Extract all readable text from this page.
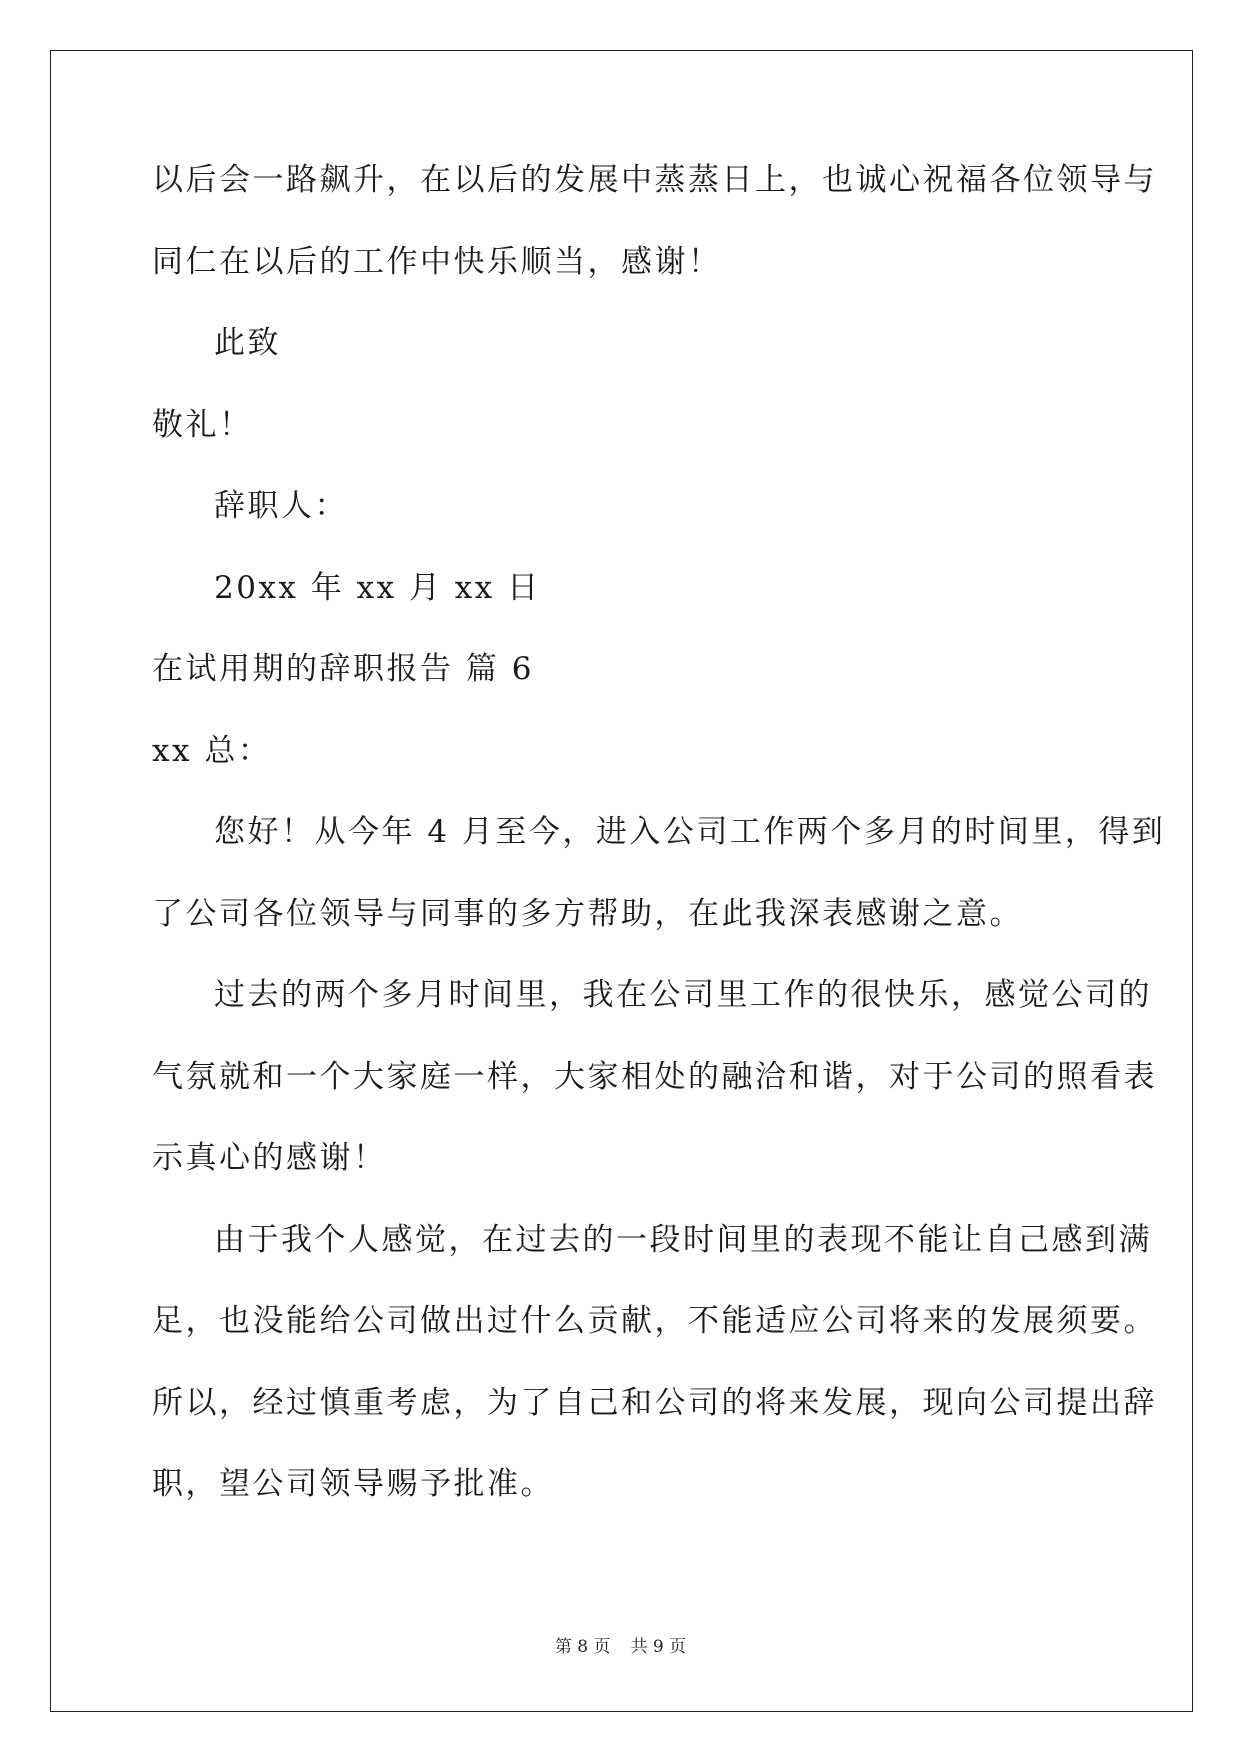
以后会一路飙升，在以后的发展中蒸蒸日上，也诚心祝福各位领导与
同仁在以后的工作中快乐顺当，感谢！
此致
敬礼！
辞职人：
20xx 年 xx 月 xx 日
在试用期的辞职报告 篇 6
xx 总：
您好！从今年 4 月至今，进入公司工作两个多月的时间里，得到
了公司各位领导与同事的多方帮助，在此我深表感谢之意。
过去的两个多月时间里，我在公司里工作的很快乐，感觉公司的
气氛就和一个大家庭一样，大家相处的融洽和谐，对于公司的照看表
示真心的感谢！
由于我个人感觉，在过去的一段时间里的表现不能让自己感到满
足，也没能给公司做出过什么贡献，不能适应公司将来的发展须要。
所以，经过慎重考虑，为了自己和公司的将来发展，现向公司提出辞
职，望公司领导赐予批准。
第 8 页 共 9 页
